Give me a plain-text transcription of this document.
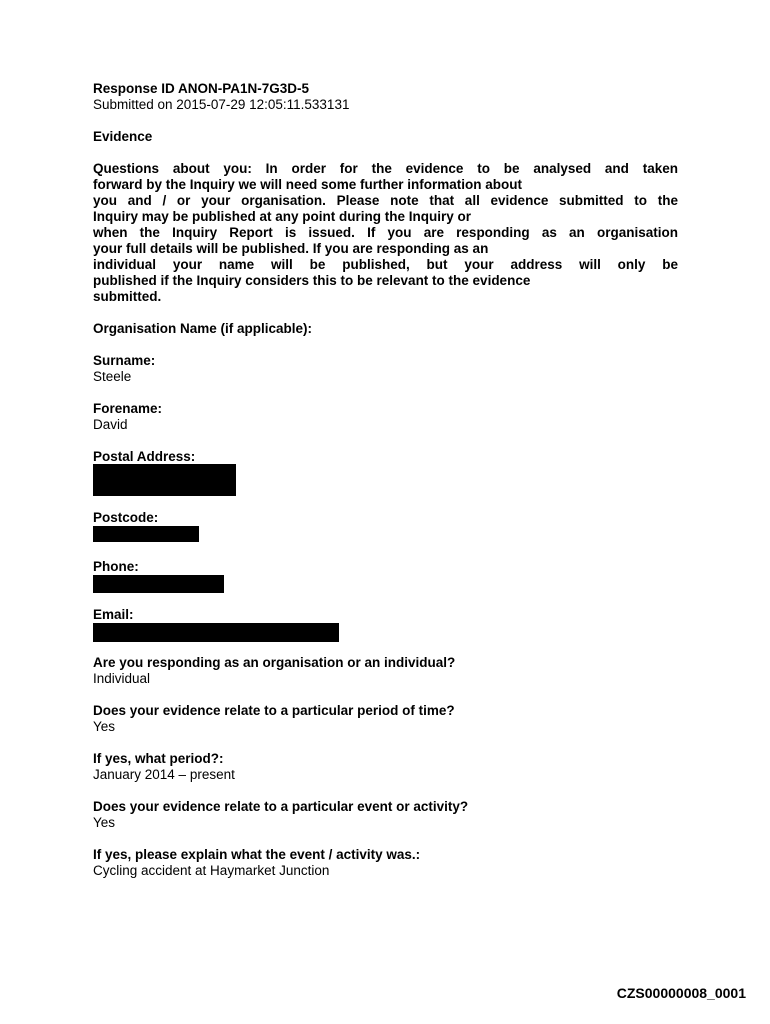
Response ID ANON-PA1N-7G3D-5
Submitted on 2015-07-29 12:05:11.533131
Evidence
Questions about you: In order for the evidence to be analysed and taken
forward by the Inquiry we will need some further information about
you and / or your organisation. Please note that all evidence submitted to the
Inquiry may be published at any point during the Inquiry or
when the Inquiry Report is issued. If you are responding as an organisation
your full details will be published. If you are responding as an
individual your name will be published, but your address will only be
published if the Inquiry considers this to be relevant to the evidence
submitted.
Organisation Name (if applicable):
Surname:
Steele
Forename:
David
Postal Address:
Postcode:
Phone:
Email:
Are you responding as an organisation or an individual?
Individual
Does your evidence relate to a particular period of time?
Yes
If yes, what period?:
January 2014 – present
Does your evidence relate to a particular event or activity?
Yes
If yes, please explain what the event / activity was.:
Cycling accident at Haymarket Junction
CZS00000008_0001
